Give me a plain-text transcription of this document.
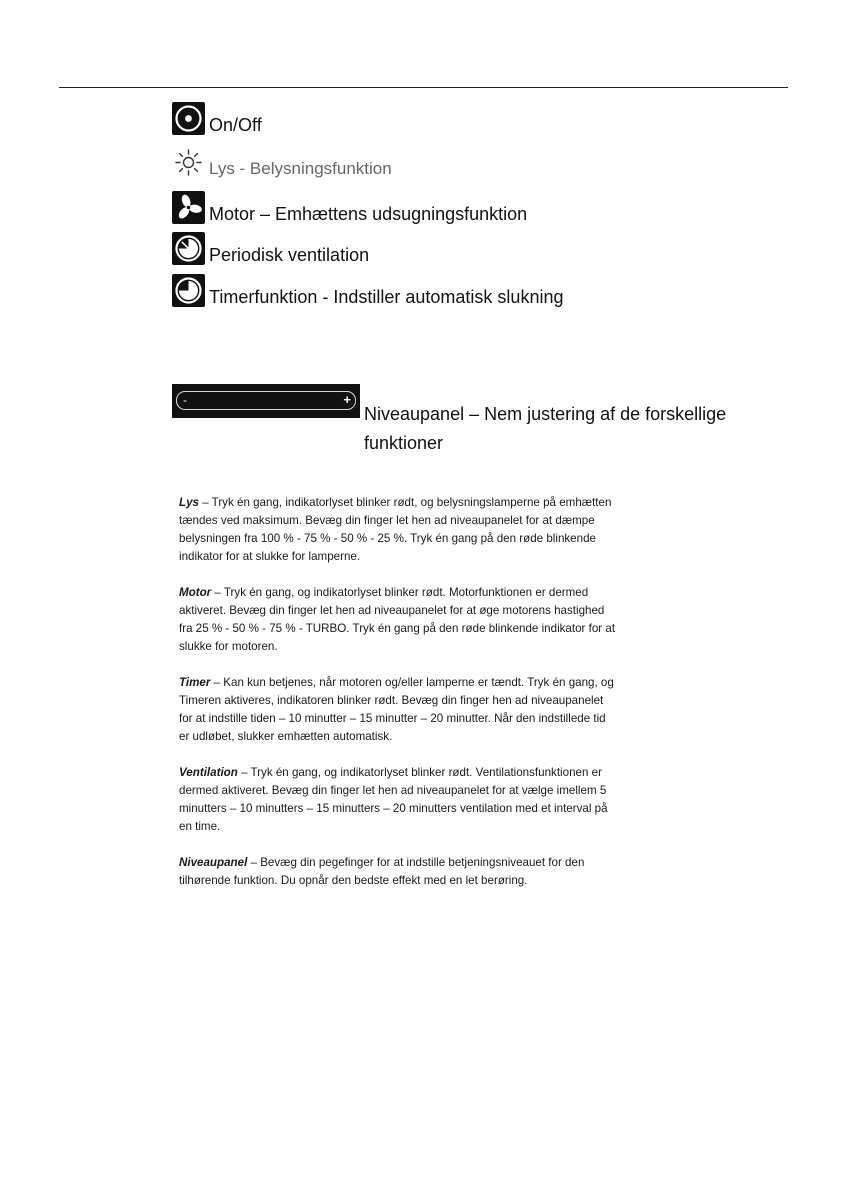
On/Off
Lys - Belysningsfunktion
Motor – Emhættens udsugningsfunktion
Periodisk ventilation
Timerfunktion - Indstiller automatisk slukning
-	+
Niveaupanel – Nem justering af de forskellige funktioner

Lys – Tryk én gang, indikatorlyset blinker rødt, og belysningslamperne på emhætten tændes ved maksimum. Bevæg din finger let hen ad niveaupanelet for at dæmpe belysningen fra 100 % - 75 % - 50 % - 25 %. Tryk én gang på den røde blinkende indikator for at slukke for lamperne.

Motor – Tryk én gang, og indikatorlyset blinker rødt. Motorfunktionen er dermed aktiveret. Bevæg din finger let hen ad niveaupanelet for at øge motorens hastighed fra 25 % - 50 % - 75 % - TURBO. Tryk én gang på den røde blinkende indikator for at slukke for motoren.

Timer – Kan kun betjenes, når motoren og/eller lamperne er tændt. Tryk én gang, og Timeren aktiveres, indikatoren blinker rødt. Bevæg din finger hen ad niveaupanelet for at indstille tiden – 10 minutter – 15 minutter – 20 minutter. Når den indstillede tid er udløbet, slukker emhætten automatisk.

Ventilation – Tryk én gang, og indikatorlyset blinker rødt. Ventilationsfunktionen er dermed aktiveret. Bevæg din finger let hen ad niveaupanelet for at vælge imellem 5 minutters – 10 minutters – 15 minutters – 20 minutters ventilation med et interval på en time.

Niveaupanel – Bevæg din pegefinger for at indstille betjeningsniveauet for den tilhørende funktion. Du opnår den bedste effekt med en let berøring.
